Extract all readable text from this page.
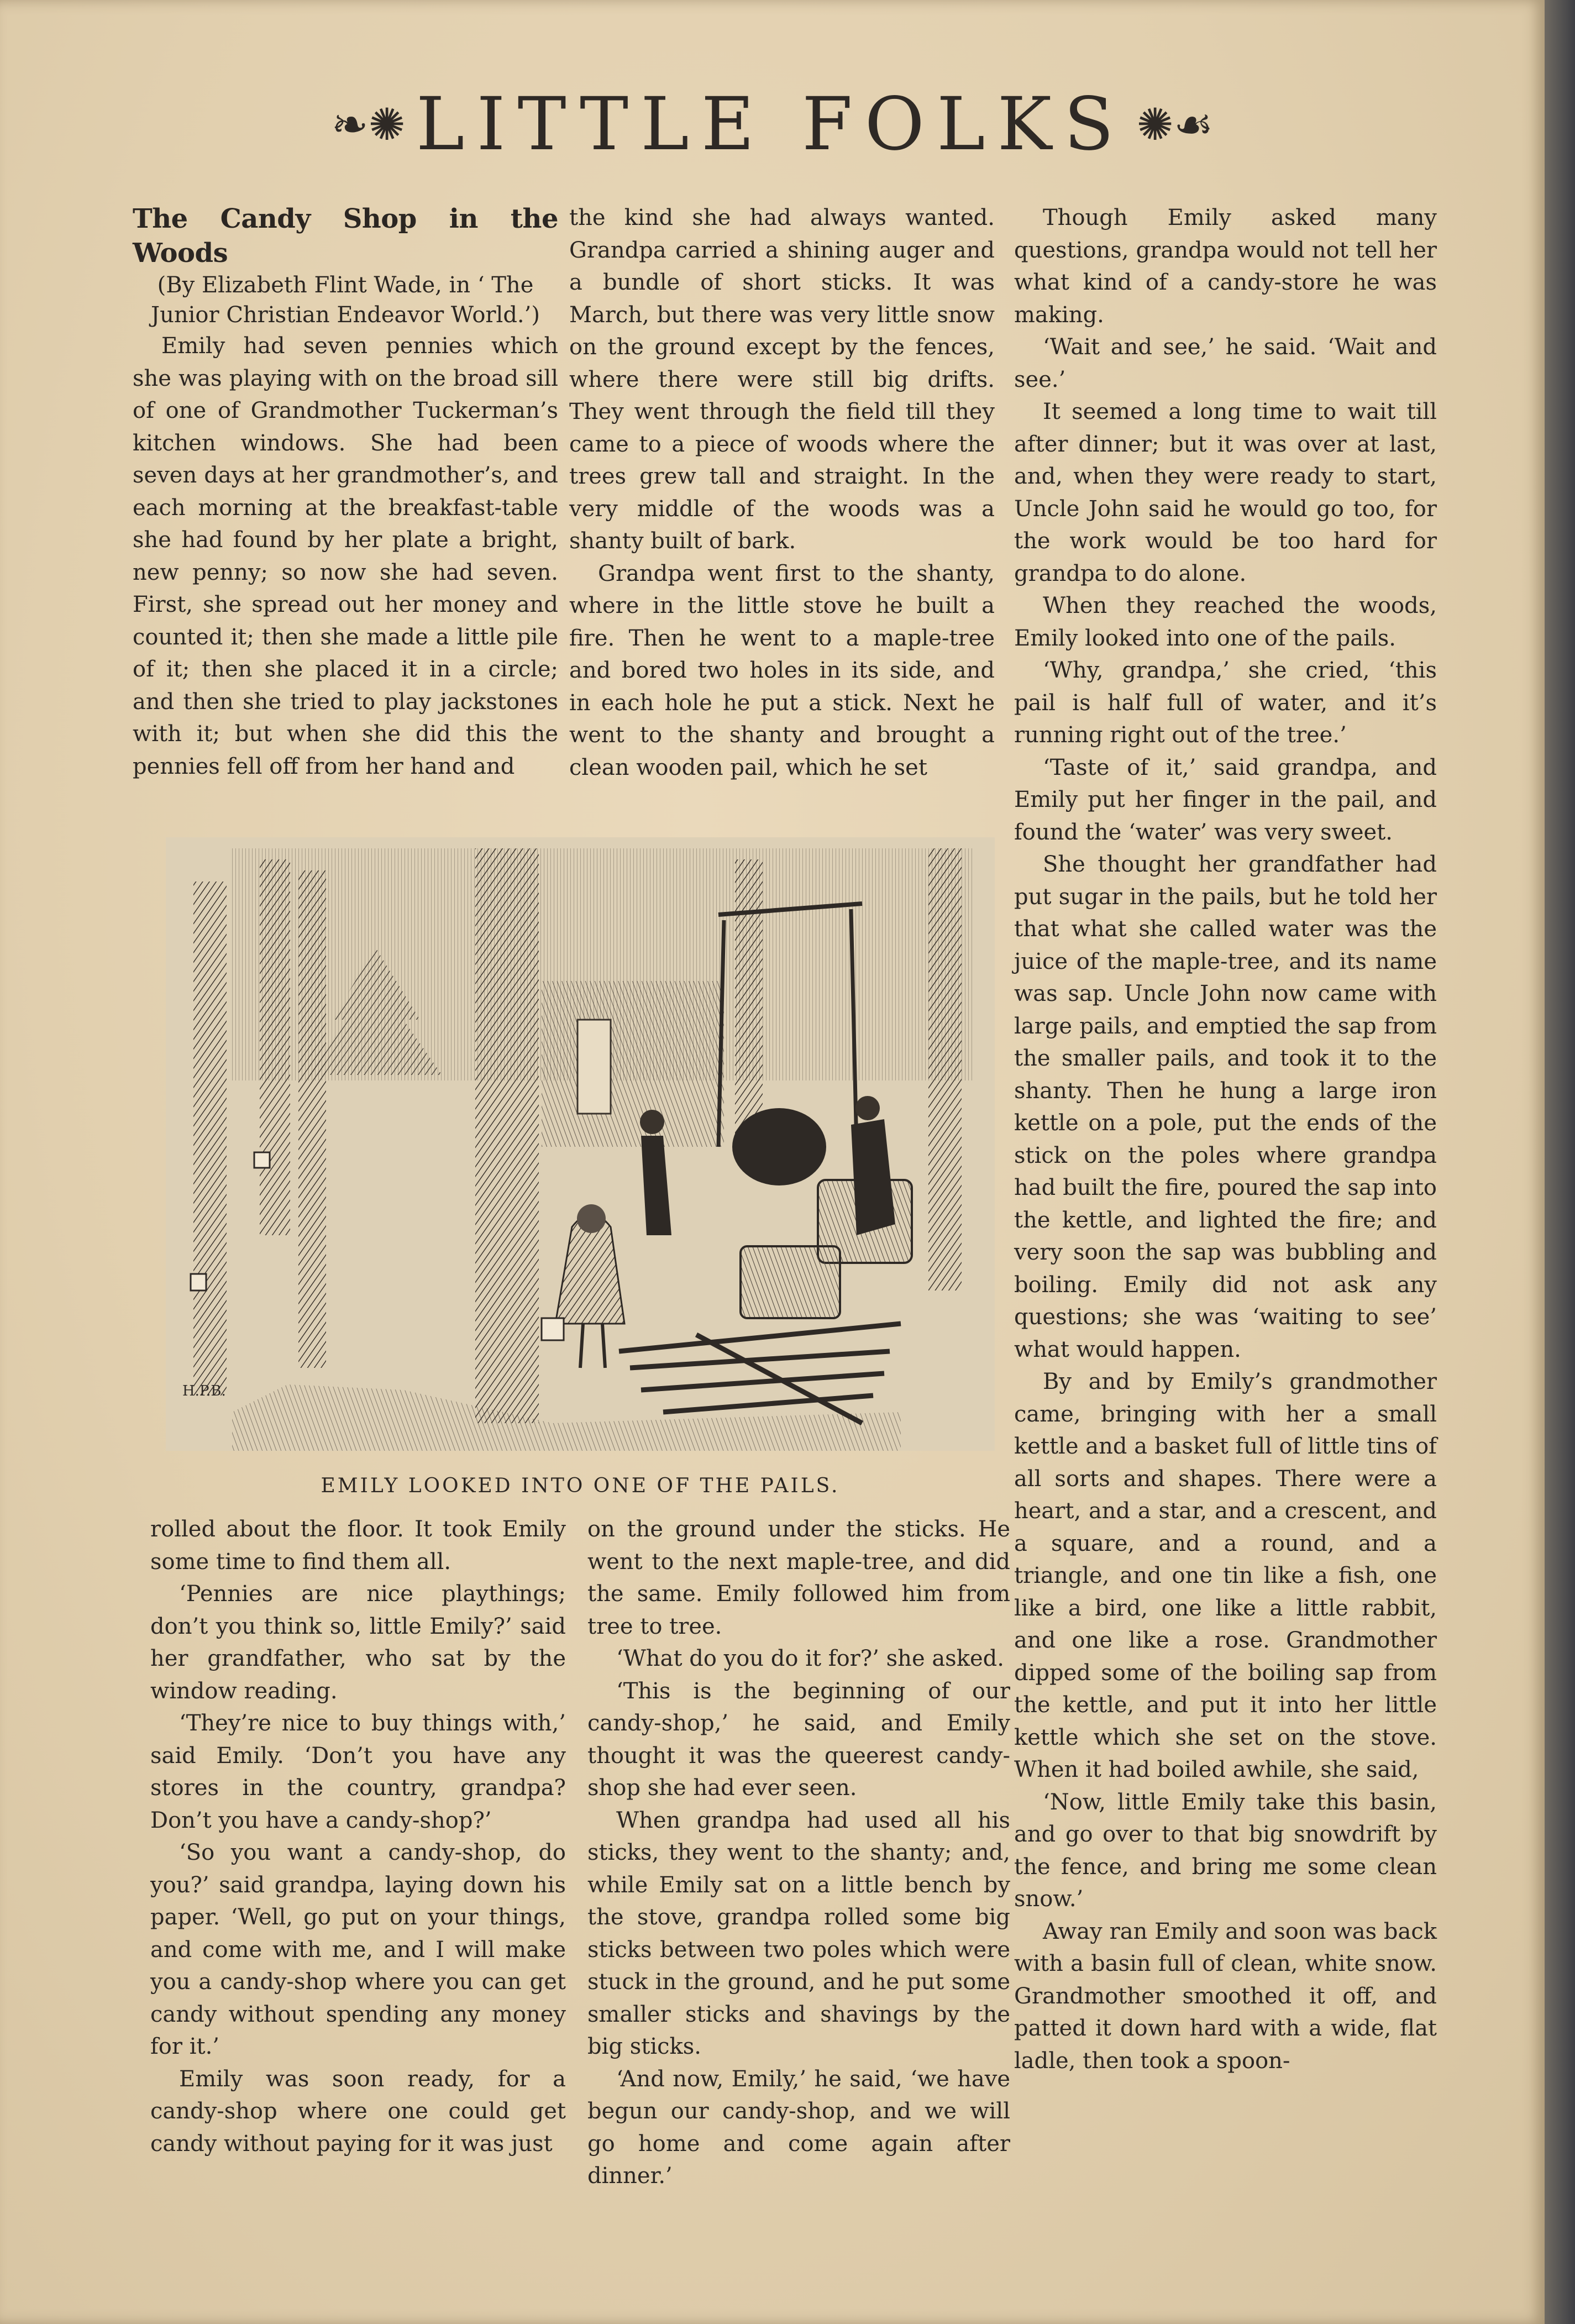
❧✺ LITTLE FOLKS ✺☙

The Candy Shop in the Woods

(By Elizabeth Flint Wade, in ‘ The Junior Christian Endeavor World.’)

Emily had seven pennies which she was playing with on the broad sill of one of Grandmother Tuckerman’s kitchen windows. She had been seven days at her grandmother’s, and each morning at the breakfast-table she had found by her plate a bright, new penny; so now she had seven. First, she spread out her money and counted it; then she made a little pile of it; then she placed it in a circle; and then she tried to play jackstones with it; but when she did this the pennies fell off from her hand and

the kind she had always wanted. Grandpa carried a shining auger and a bundle of short sticks. It was March, but there was very little snow on the ground except by the fences, where there were still big drifts. They went through the field till they came to a piece of woods where the trees grew tall and straight. In the very middle of the woods was a shanty built of bark.

Grandpa went first to the shanty, where in the little stove he built a fire. Then he went to a maple-tree and bored two holes in its side, and in each hole he put a stick. Next he went to the shanty and brought a clean wooden pail, which he set

Though Emily asked many questions, grandpa would not tell her what kind of a candy-store he was making.

‘Wait and see,’ he said. ‘Wait and see.’

It seemed a long time to wait till after dinner; but it was over at last, and, when they were ready to start, Uncle John said he would go too, for the work would be too hard for grandpa to do alone.

When they reached the woods, Emily looked into one of the pails.

‘Why, grandpa,’ she cried, ‘this pail is half full of water, and it’s running right out of the tree.’

‘Taste of it,’ said grandpa, and Emily put her finger in the pail, and found the ‘water’ was very sweet.

She thought her grandfather had put sugar in the pails, but he told her that what she called water was the juice of the maple-tree, and its name was sap. Uncle John now came with large pails, and emptied the sap from the smaller pails, and took it to the shanty. Then he hung a large iron kettle on a pole, put the ends of the stick on the poles where grandpa had built the fire, poured the sap into the kettle, and lighted the fire; and very soon the sap was bubbling and boiling. Emily did not ask any questions; she was ‘waiting to see’ what would happen.

By and by Emily’s grandmother came, bringing with her a small kettle and a basket full of little tins of all sorts and shapes. There were a heart, and a star, and a crescent, and a square, and a round, and a triangle, and one tin like a fish, one like a bird, one like a little rabbit, and one like a rose. Grandmother dipped some of the boiling sap from the kettle, and put it into her little kettle which she set on the stove. When it had boiled awhile, she said,

‘Now, little Emily take this basin, and go over to that big snowdrift by the fence, and bring me some clean snow.’

Away ran Emily and soon was back with a basin full of clean, white snow. Grandmother smoothed it off, and patted it down hard with a wide, flat ladle, then took a spoon-

H.P.B.
EMILY LOOKED INTO ONE OF THE PAILS.

rolled about the floor. It took Emily some time to find them all.

‘Pennies are nice playthings; don’t you think so, little Emily?’ said her grandfather, who sat by the window reading.

‘They’re nice to buy things with,’ said Emily. ‘Don’t you have any stores in the country, grandpa? Don’t you have a candy-shop?’

‘So you want a candy-shop, do you?’ said grandpa, laying down his paper. ‘Well, go put on your things, and come with me, and I will make you a candy-shop where you can get candy without spending any money for it.’

Emily was soon ready, for a candy-shop where one could get candy without paying for it was just

on the ground under the sticks. He went to the next maple-tree, and did the same. Emily followed him from tree to tree.

‘What do you do it for?’ she asked.

‘This is the beginning of our candy-shop,’ he said, and Emily thought it was the queerest candy-shop she had ever seen.

When grandpa had used all his sticks, they went to the shanty; and, while Emily sat on a little bench by the stove, grandpa rolled some big sticks between two poles which were stuck in the ground, and he put some smaller sticks and shavings by the big sticks.

‘And now, Emily,’ he said, ‘we have begun our candy-shop, and we will go home and come again after dinner.’
